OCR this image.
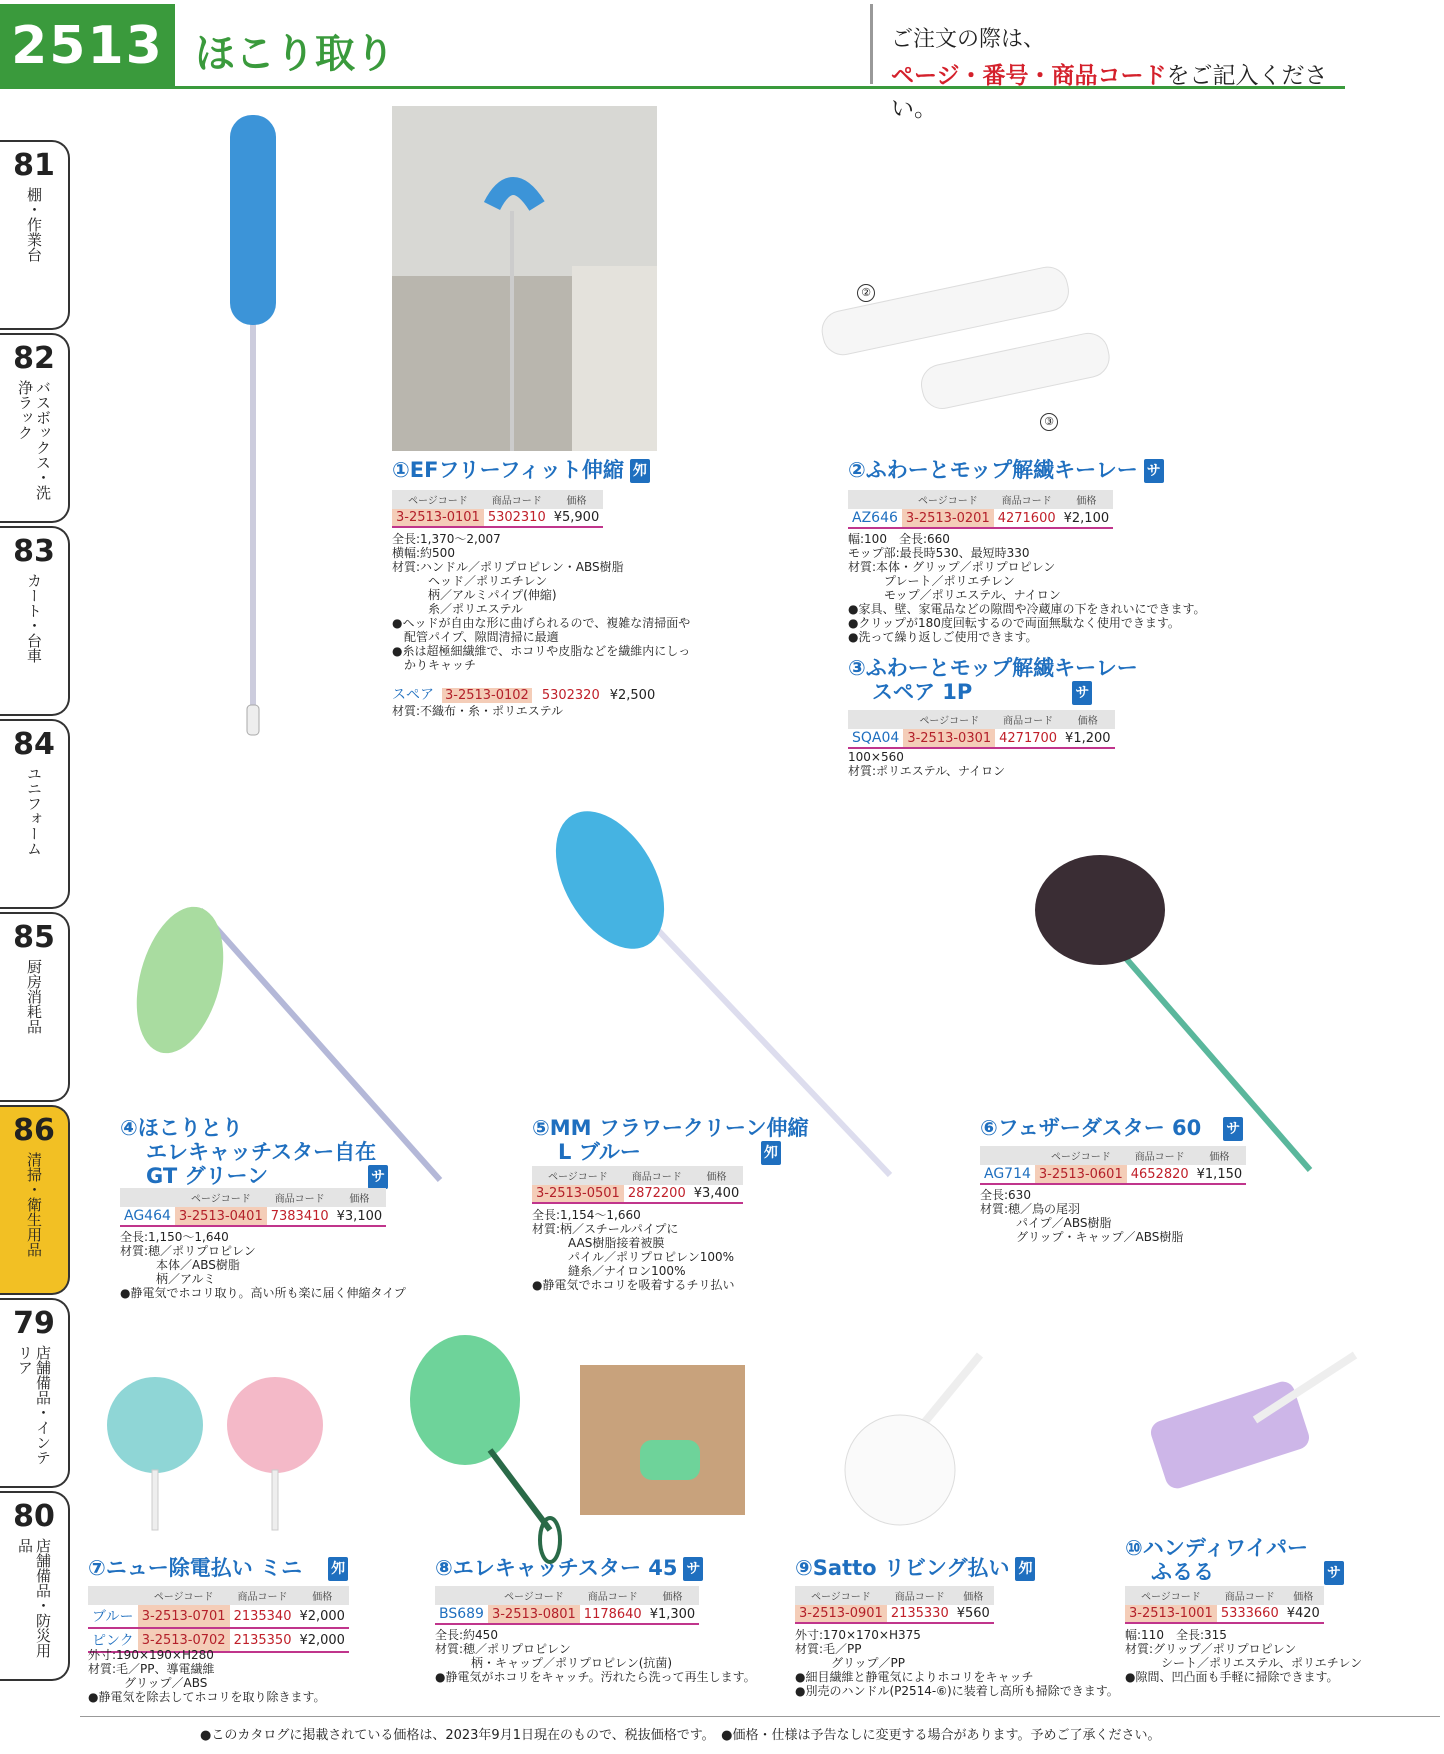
2513 ほこり取り	ご注文の際は、
ページ・番号・商品コードをご記入ください。
81
棚・作業台
82
バスボックス・洗浄ラック
83
カート・台車
84
ユニフォーム
85
厨房消耗品
86
清掃・衛生用品
79
店舗備品・インテリア
80
店舗備品・防災用品
②
③
①EFフリーフィット伸縮 夘
ページコード	商品コード	価格
3-2513-0101	5302310	¥5,900
全長:1,370～2,007
横幅:約500
材質:ハンドル／ポリプロピレン・ABS樹脂
　　　ヘッド／ポリエチレン
　　　柄／アルミパイプ(伸縮)
　　　糸／ポリエステル
●ヘッドが自由な形に曲げられるので、複雑な清掃面や
　配管パイプ、隙間清掃に最適
●糸は超極細繊維で、ホコリや皮脂などを繊維内にしっ
　かりキャッチ
スペア 3-2513-0102 5302320 ¥2,500
材質:不織布・糸・ポリエステル
②ふわーとモップ解繊キーレー サ
	ページコード	商品コード	価格
AZ646	3-2513-0201	4271600	¥2,100
幅:100　全長:660
モップ部:最長時530、最短時330
材質:本体・グリップ／ポリプロピレン
　　　プレート／ポリエチレン
　　　モップ／ポリエステル、ナイロン
●家具、壁、家電品などの隙間や冷蔵庫の下をきれいにできます。
●クリップが180度回転するので両面無駄なく使用できます。
●洗って繰り返しご使用できます。
③ふわーとモップ解繊キーレー
スペア 1P	サ
	ページコード	商品コード	価格
SQA04	3-2513-0301	4271700	¥1,200
100×560
材質:ポリエステル、ナイロン
④ほこりとり
エレキャッチスター自在
GT グリーン	サ
	ページコード	商品コード	価格
AG464	3-2513-0401	7383410	¥3,100
全長:1,150～1,640
材質:穂／ポリプロピレン
　　　本体／ABS樹脂
　　　柄／アルミ
●静電気でホコリ取り。高い所も楽に届く伸縮タイプ
⑤MM フラワークリーン伸縮
L ブルー	夘
ページコード	商品コード	価格
3-2513-0501	2872200	¥3,400
全長:1,154～1,660
材質:柄／スチールパイプに
　　　AAS樹脂接着被膜
　　　パイル／ポリプロピレン100%
　　　縫糸／ナイロン100%
●静電気でホコリを吸着するチリ払い
⑥フェザーダスター 60 サ
	ページコード	商品コード	価格
AG714	3-2513-0601	4652820	¥1,150
全長:630
材質:穂／鳥の尾羽
　　　パイプ／ABS樹脂
　　　グリップ・キャップ／ABS樹脂
⑦ニュー除電払い ミニ 夘
	ページコード	商品コード	価格
ブルー	3-2513-0701	2135340	¥2,000
ピンク	3-2513-0702	2135350	¥2,000
外寸:190×190×H280
材質:毛／PP、導電繊維
　　　グリップ／ABS
●静電気を除去してホコリを取り除きます。
⑧エレキャッチスター 45 サ
	ページコード	商品コード	価格
BS689	3-2513-0801	1178640	¥1,300
全長:約450
材質:穂／ポリプロピレン
　　　柄・キャップ／ポリプロピレン(抗菌)
●静電気がホコリをキャッチ。汚れたら洗って再生します。
⑨Satto リビング払い 夘
ページコード	商品コード	価格
3-2513-0901	2135330	¥560
外寸:170×170×H375
材質:毛／PP
　　　グリップ／PP
●細目繊維と静電気によりホコリをキャッチ
●別売のハンドル(P2514-⑥)に装着し高所も掃除できます。
⑩ハンディワイパー
ふるる	サ
ページコード	商品コード	価格
3-2513-1001	5333660	¥420
幅:110　全長:315
材質:グリップ／ポリプロピレン
　　　シート／ポリエステル、ポリエチレン
●隙間、凹凸面も手軽に掃除できます。
●このカタログに掲載されている価格は、2023年9月1日現在のもので、税抜価格です。　●価格・仕様は予告なしに変更する場合があります。予めご了承ください。
